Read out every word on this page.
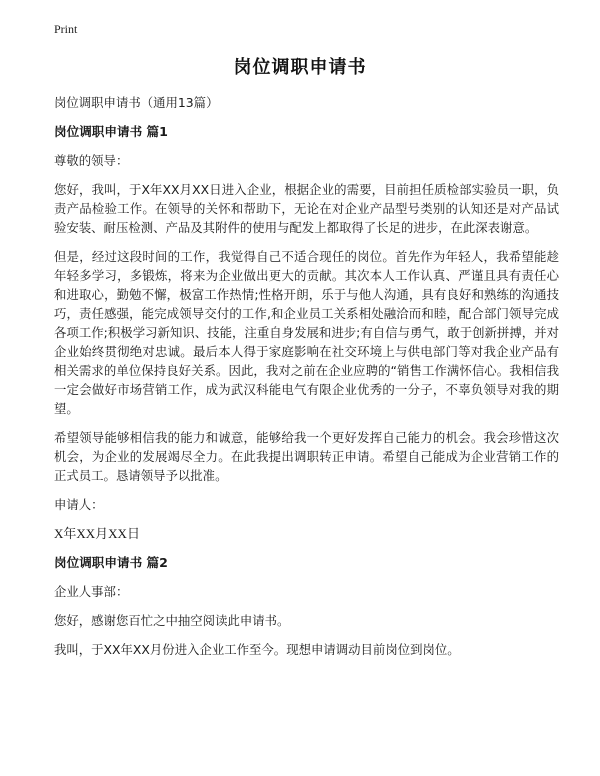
Print
岗位调职申请书
岗位调职申请书（通用13篇）
岗位调职申请书 篇1
尊敬的领导：
您好，我叫，于X年XX月XX日进入企业，根据企业的需要，目前担任质检部实验员一职，负责产品检验工作。在领导的关怀和帮助下，无论在对企业产品型号类别的认知还是对产品试验安装、耐压检测、产品及其附件的使用与配发上都取得了长足的进步，在此深表谢意。
但是，经过这段时间的工作，我觉得自己不适合现任的岗位。首先作为年轻人，我希望能趁年轻多学习，多锻炼，将来为企业做出更大的贡献。其次本人工作认真、严谨且具有责任心和进取心，勤勉不懈，极富工作热情;性格开朗，乐于与他人沟通，具有良好和熟练的沟通技巧，责任感强，能完成领导交付的工作,和企业员工关系相处融洽而和睦，配合部门领导完成各项工作;积极学习新知识、技能，注重自身发展和进步;有自信与勇气，敢于创新拼搏，并对企业始终贯彻绝对忠诚。最后本人得于家庭影响在社交环境上与供电部门等对我企业产品有相关需求的单位保持良好关系。因此，我对之前在企业应聘的“销售工作满怀信心。我相信我一定会做好市场营销工作，成为武汉科能电气有限企业优秀的一分子，不辜负领导对我的期望。
希望领导能够相信我的能力和诚意，能够给我一个更好发挥自己能力的机会。我会珍惜这次机会，为企业的发展竭尽全力。在此我提出调职转正申请。希望自己能成为企业营销工作的正式员工。恳请领导予以批准。
申请人：
X年XX月XX日
岗位调职申请书 篇2
企业人事部：
您好，感谢您百忙之中抽空阅读此申请书。
我叫，于XX年XX月份进入企业工作至今。现想申请调动目前岗位到岗位。
